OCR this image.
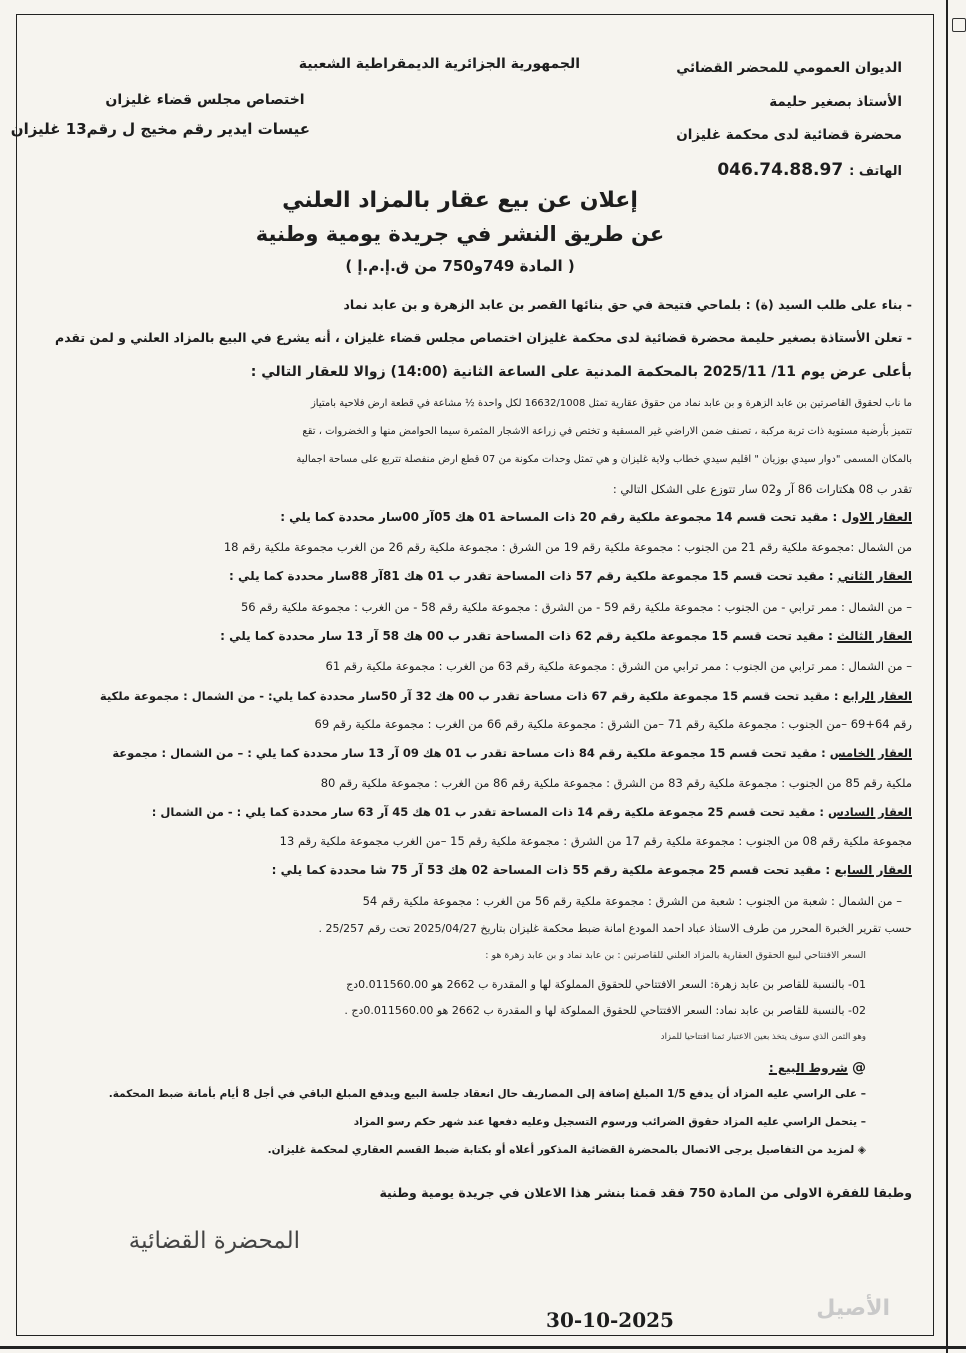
الجمهورية الجزائرية الديمقراطية الشعبية
اختصاص مجلس قضاء غليزان
عيسات ايدير رقم مخيج ل رقم13 غليزان
الديوان العمومي للمحضر القضائي
الأستاذ بصغير حليمة
محضرة قضائية لدى محكمة غليزان
الهاتف : 046.74.88.97
إعلان عن بيع عقار بالمزاد العلني
عن طريق النشر في جريدة يومية وطنية
( المادة 749و750 من ق.إ.م.إ )
- بناء على طلب السيد (ة) : بلماحي فتيحة في حق بنائها القصر بن عابد الزهرة و بن عابد نماد
- تعلن الأستاذة بصغير حليمة محضرة قضائية لدى محكمة غليزان اختصاص مجلس قضاء غليزان ، أنه يشرع في البيع بالمزاد العلني و لمن تقدم
بأعلى عرض يوم 11/ 2025/11 بالمحكمة المدنية على الساعة الثانية (14:00) زوالا للعقار التالي :
ما ناب لحقوق القاصرتين بن عابد الزهرة و بن عابد نماد من حقوق عقارية تمثل 16632/1008 لكل واحدة ½ مشاعة في قطعة ارض فلاحية بامتياز
تتميز بأرضية مستوية ذات تربة مركبة ، تصنف ضمن الاراضي غير المسقية و تختص في زراعة الاشجار المثمرة سيما الحوامض منها و الخضروات ، تقع
بالمكان المسمى "دوار سيدي بوزيان " اقليم سيدي خطاب ولاية غليزان و هي تمثل وحدات مكونة من 07 قطع ارض منفصلة تتربع على مساحة اجمالية
تقدر ب 08 هكتارات 86 آر و02 سار تتوزع على الشكل التالي :
العقار الاول : مقيد تحت قسم 14 مجموعة ملكية رقم 20 ذات المساحة 01 هك 05آر 00سار محددة كما يلي :
من الشمال :مجموعة ملكية رقم 21 من الجنوب : مجموعة ملكية رقم 19 من الشرق : مجموعة ملكية رقم 26 من الغرب مجموعة ملكية رقم 18
العقار الثاني : مقيد تحت قسم 15 مجموعة ملكية رقم 57 ذات المساحة تقدر ب 01 هك 81آر 88سار محددة كما يلي :
– من الشمال : ممر ترابي - من الجنوب : مجموعة ملكية رقم 59 - من الشرق : مجموعة ملكية رقم 58 - من الغرب : مجموعة ملكية رقم 56
العقار الثالث : مقيد تحت قسم 15 مجموعة ملكية رقم 62 ذات المساحة تقدر ب 00 هك 58 آر 13 سار محددة كما يلي :
– من الشمال : ممر ترابي من الجنوب : ممر ترابي من الشرق : مجموعة ملكية رقم 63 من الغرب : مجموعة ملكية رقم 61
العقار الرابع : مقيد تحت قسم 15 مجموعة ملكية رقم 67 ذات مساحة تقدر ب 00 هك 32 آر 50سار محددة كما يلي: - من الشمال : مجموعة ملكية
رقم 64+69 –من الجنوب : مجموعة ملكية رقم 71 –من الشرق : مجموعة ملكية رقم 66 من الغرب : مجموعة ملكية رقم 69
العقار الخامس : مقيد تحت قسم 15 مجموعة ملكية رقم 84 ذات مساحة تقدر ب 01 هك 09 آر 13 سار محددة كما يلي : – من الشمال : مجموعة
ملكية رقم 85 من الجنوب : مجموعة ملكية رقم 83 من الشرق : مجموعة ملكية رقم 86 من الغرب : مجموعة ملكية رقم 80
العقار السادس : مقيد تحت قسم 25 مجموعة ملكية رقم 14 ذات المساحة تقدر ب 01 هك 45 آر 63 سار محددة كما يلي : - من الشمال :
مجموعة ملكية رقم 08 من الجنوب : مجموعة ملكية رقم 17 من الشرق : مجموعة ملكية رقم 15 –من الغرب مجموعة ملكية رقم 13
العقار السابع : مقيد تحت قسم 25 مجموعة ملكية رقم 55 ذات المساحة 02 هك 53 آر 75 شا محددة كما يلي :
– من الشمال : شعبة من الجنوب : شعبة من الشرق : مجموعة ملكية رقم 56 من الغرب : مجموعة ملكية رقم 54
حسب تقرير الخبرة المحرر من طرف الاستاذ عباد احمد المودع امانة ضبط محكمة غليزان بتاريخ 2025/04/27 تحت رقم 25/257 .
السعر الافتتاحي لبيع الحقوق العقارية بالمزاد العلني للقاصرتين : بن عابد نماد و بن عابد زهرة هو :
01- بالنسبة للقاصر بن عابد زهرة: السعر الافتتاحي للحقوق المملوكة لها و المقدرة ب 2662 هو 0.011560.00دج
02- بالنسبة للقاصر بن عابد نماد: السعر الافتتاحي للحقوق المملوكة لها و المقدرة ب 2662 هو 0.011560.00دج .
وهو الثمن الذي سوف يتخذ بعين الاعتبار ثمنا افتتاحيا للمزاد
@ شروط البيع :
– على الراسي عليه المزاد أن يدفع 1/5 المبلغ إضافة إلى المصاريف حال انعقاد جلسة البيع ويدفع المبلغ الباقي في أجل 8 أيام بأمانة ضبط المحكمة.
– يتحمل الراسي عليه المزاد حقوق الضرائب ورسوم التسجيل وعليه دفعها عند شهر حكم رسو المزاد
◈ لمزيد من التفاصيل يرجى الاتصال بالمحضرة القضائية المذكور أعلاه أو بكتابة ضبط القسم العقاري لمحكمة غليزان.
وطبقا للفقرة الاولى من المادة 750 فقد قمنا بنشر هذا الاعلان في جريدة يومية وطنية
المحضرة القضائية
الأصيل
30-10-2025
